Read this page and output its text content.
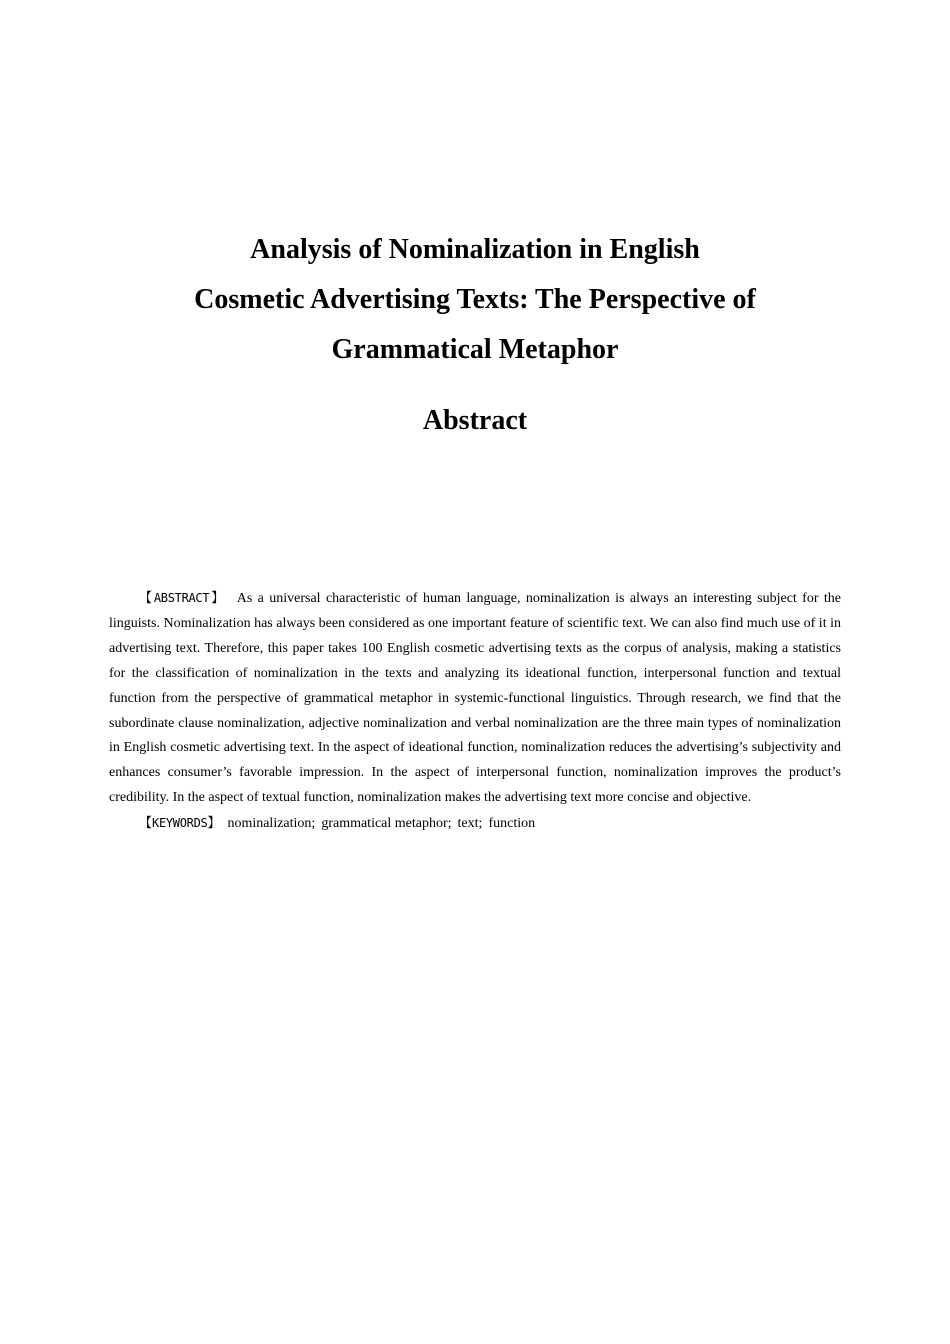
Analysis of Nominalization in English
Cosmetic Advertising Texts: The Perspective of
Grammatical Metaphor
Abstract

【ABSTRACT】 As a universal characteristic of human language, nominalization is always an interesting subject for the linguists. Nominalization has always been considered as one important feature of scientific text. We can also find much use of it in advertising text. Therefore, this paper takes 100 English cosmetic advertising texts as the corpus of analysis, making a statistics for the classification of nominalization in the texts and analyzing its ideational function, interpersonal function and textual function from the perspective of grammatical metaphor in systemic-functional linguistics. Through research, we find that the subordinate clause nominalization, adjective nominalization and verbal nominalization are the three main types of nominalization in English cosmetic advertising text. In the aspect of ideational function, nominalization reduces the advertising’s subjectivity and enhances consumer’s favorable impression. In the aspect of interpersonal function, nominalization improves the product’s credibility. In the aspect of textual function, nominalization makes the advertising text more concise and objective.

【KEYWORDS】 nominalization; grammatical metaphor; text; function
